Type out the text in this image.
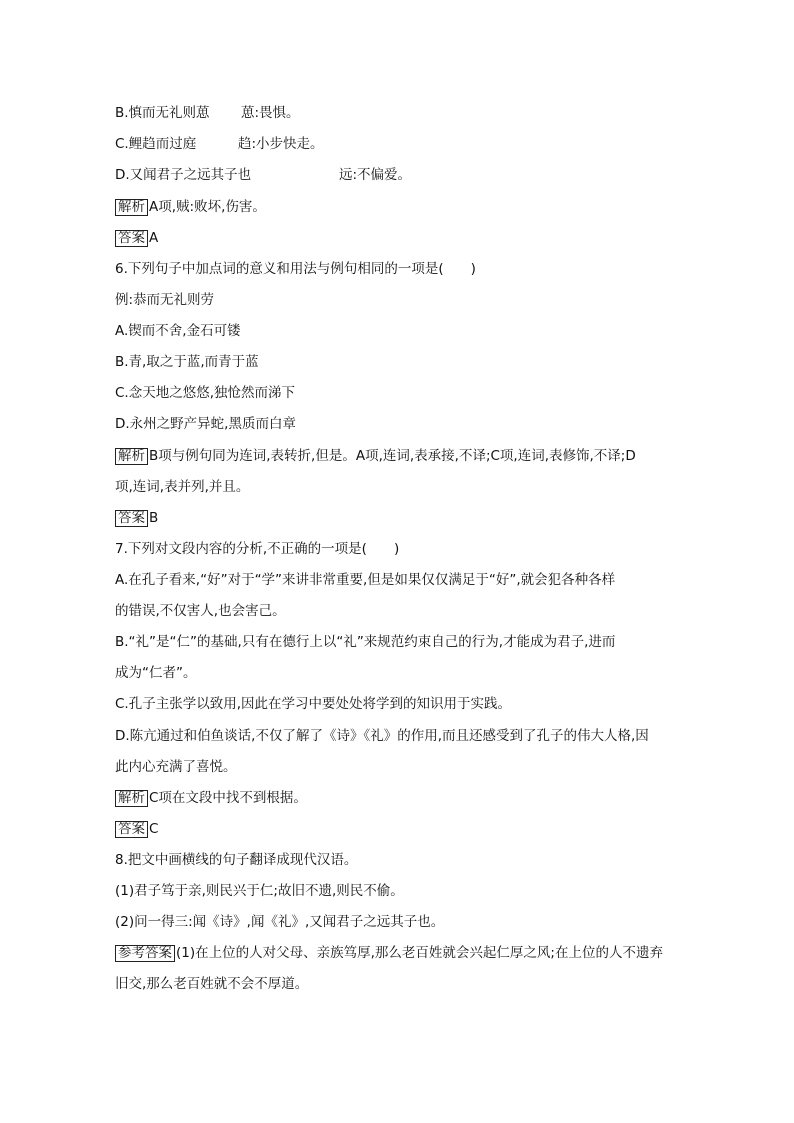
B.慎而无礼则葸 葸:畏惧。
C.鲤趋而过庭	趋:小步快走。
D.又闻君子之远其子也	远:不偏爱。
解析 A项,贼:败坏,伤害。
答案 A
6.下列句子中加点词的意义和用法与例句相同的一项是(　　)
例:恭而无礼则劳
A.锲而不舍,金石可镂
B.青,取之于蓝,而青于蓝
C.念天地之悠悠,独怆然而涕下
D.永州之野产异蛇,黑质而白章
解析 B项与例句同为连词,表转折,但是。A项,连词,表承接,不译;C项,连词,表修饰,不译;D
项,连词,表并列,并且。
答案 B
7.下列对文段内容的分析,不正确的一项是(　　)
A.在孔子看来,“好”对于“学”来讲非常重要,但是如果仅仅满足于“好”,就会犯各种各样
的错误,不仅害人,也会害己。
B.“礼”是“仁”的基础,只有在德行上以“礼”来规范约束自己的行为,才能成为君子,进而
成为“仁者”。
C.孔子主张学以致用,因此在学习中要处处将学到的知识用于实践。
D.陈亢通过和伯鱼谈话,不仅了解了《诗》《礼》的作用,而且还感受到了孔子的伟大人格,因
此内心充满了喜悦。
解析 C项在文段中找不到根据。
答案 C
8.把文中画横线的句子翻译成现代汉语。
(1)君子笃于亲,则民兴于仁;故旧不遗,则民不偷。
(2)问一得三:闻《诗》,闻《礼》,又闻君子之远其子也。
参考答案 (1)在上位的人对父母、亲族笃厚,那么老百姓就会兴起仁厚之风;在上位的人不遗弃
旧交,那么老百姓就不会不厚道。
